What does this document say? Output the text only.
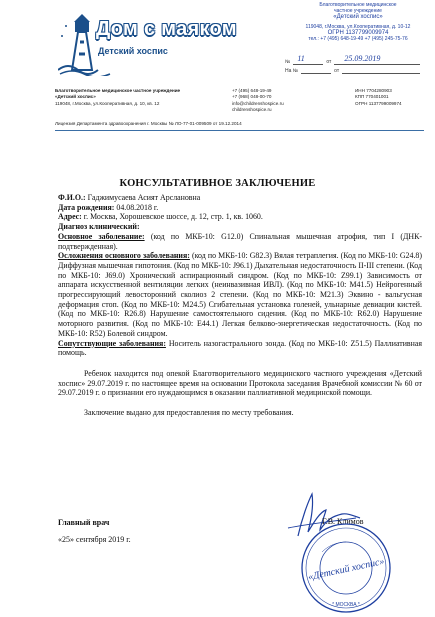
Дом с маяком
Детский хоспис
Благотворительное медицинское
частное учреждение
«Детский хоспис»
119048, г.Москва, ул.Кооперативная, д. 10-12
ОГРН 1137799009974
тел.: +7 (495) 648-19-49 +7 (495) 245-75-76
№ 11	от 25.09.2019
На №	от
Благотворительное медицинское частное учреждение
«Детский хоспис»
119048, г.Москва, ул.Кооперативная, д. 10, кв. 12
+7 (495) 648-19-49
+7 (968) 048-00-70
info@childrenshospice.ru
childrenshospice.ru
ИНН 7704280903
КПП 770401001
ОГРН 1137799009974
Лицензия Департамента здравоохранения г. Москвы № ЛО-77-01-009509 от 19.12.2014
КОНСУЛЬТАТИВНОЕ ЗАКЛЮЧЕНИЕ

Ф.И.О.: Гаджимусаева Асият Арслановна

Дата рождения: 04.08.2018 г.

Адрес: г. Москва, Хорошевское шоссе, д. 12, стр. 1, кв. 1060.

Диагноз клинический:

Основное заболевание: (код по МКБ-10: G12.0) Спинальная мышечная атрофия, тип I (ДНК-подтвержденная).

Осложнения основного заболевания: (код по МКБ-10: G82.3) Вялая тетраплегия. (Код по МКБ-10: G24.8) Диффузная мышечная гипотония. (Код по МКБ-10: J96.1) Дыхательная недостаточность II-III степени. (Код по МКБ-10: J69.0) Хронический аспирационный синдром. (Код по МКБ-10: Z99.1) Зависимость от аппарата искусственной вентиляции легких (неинвазивная ИВЛ). (Код по МКБ-10: M41.5) Нейрогенный прогрессирующий левосторонний сколиоз 2 степени. (Код по МКБ-10: M21.3) Эквино - вальгусная деформация стоп. (Код по МКБ-10: M24.5) Сгибательная установка голеней, ульнарные девиации кистей. (Код по МКБ-10: R26.8) Нарушение самостоятельного сидения. (Код по МКБ-10: R62.0) Нарушение моторного развития. (Код по МКБ-10: E44.1) Легкая белково-энергетическая недостаточность. (Код по МКБ-10: R52) Болевой синдром.

Сопутствующие заболевания: Носитель назогастрального зонда. (Код по МКБ-10: Z51.5) Паллиативная помощь.

Ребенок находится под опекой Благотворительного медицинского частного учреждения «Детский хоспис» 29.07.2019 г. по настоящее время на основании Протокола заседания Врачебной комиссии № 60 от 29.07.2019 г. о признании его нуждающимся в оказании паллиативной медицинской помощи.

Заключение выдано для предоставления по месту требования.

Главный врач
«25» сентября 2019 г.
Г.В. Климов
«Детский хоспис»
* МОСКВА *
